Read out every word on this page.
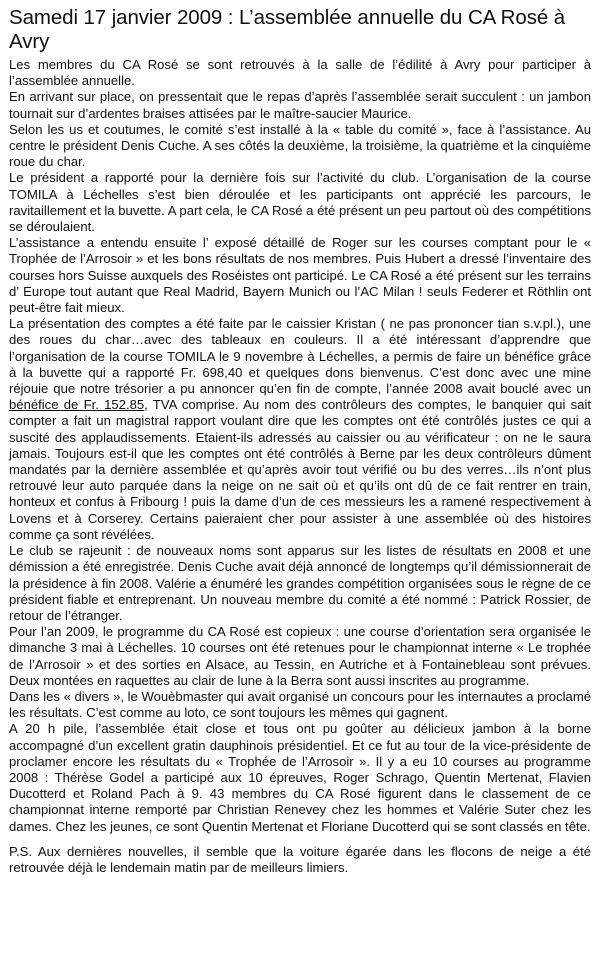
Samedi 17 janvier 2009 : L’assemblée annuelle du CA Rosé à Avry

Les membres du CA Rosé se sont retrouvés à la salle de l’édilité à Avry pour participer à l’assemblée annuelle.

En arrivant sur place, on pressentait que le repas d’après l’assemblée serait succulent : un jambon tournait sur d’ardentes braises attisées par le maître-saucier Maurice.

Selon les us et coutumes, le comité s’est installé à la « table du comité », face à l’assistance. Au centre le président Denis Cuche. A ses côtés la deuxième, la troisième, la quatrième et la cinquième roue du char.

Le président a rapporté pour la dernière fois sur l’activité du club. L’organisation de la course TOMILA à Léchelles s’est bien déroulée et les participants ont apprécié les parcours, le ravitaillement et la buvette. A part cela, le CA Rosé a été présent un peu partout où des compétitions se déroulaient.

L’assistance a entendu ensuite l’ exposé détaillé de Roger sur les courses comptant pour le « Trophée de l’Arrosoir » et les bons résultats de nos membres. Puis Hubert a dressé l’inventaire des courses hors Suisse auxquels des Roséistes ont participé. Le CA Rosé a été présent sur les terrains d’ Europe tout autant que Real Madrid, Bayern Munich ou l’AC Milan ! seuls Federer et Röthlin ont peut-être fait mieux.

La présentation des comptes a été faite par le caissier Kristan ( ne pas prononcer tian s.v.pl.), une des roues du char…avec des tableaux en couleurs. Il a été intéressant d’apprendre que l’organisation de la course TOMILA le 9 novembre à Léchelles, a permis de faire un bénéfice grâce à la buvette qui a rapporté Fr. 698,40 et quelques dons bienvenus. C’est donc avec une mine réjouie que notre trésorier a pu annoncer qu’en fin de compte, l’année 2008 avait bouclé avec un bénéfice de Fr. 152.85, TVA comprise. Au nom des contrôleurs des comptes, le banquier qui sait compter a fait un magistral rapport voulant dire que les comptes ont été contrôlés justes ce qui a suscité des applaudissements. Etaient-ils adressés au caissier ou au vérificateur : on ne le saura jamais. Toujours est-il que les comptes ont été contrôlés à Berne par les deux contrôleurs dûment mandatés par la dernière assemblée et qu’après avoir tout vérifié ou bu des verres…ils n’ont plus retrouvé leur auto parquée dans la neige on ne sait où et qu’ils ont dû de ce fait rentrer en train, honteux et confus à Fribourg ! puis la dame d’un de ces messieurs les a ramené respectivement à Lovens et à Corserey. Certains paieraient cher pour assister à une assemblée où des histoires comme ça sont révélées.

Le club se rajeunit : de nouveaux noms sont apparus sur les listes de résultats en 2008 et une démission a été enregistrée. Denis Cuche avait déjà annoncé de longtemps qu’il démissionnerait de la présidence à fin 2008. Valérie a énuméré les grandes compétition organisées sous le règne de ce président fiable et entreprenant. Un nouveau membre du comité a été nommé : Patrick Rossier, de retour de l’étranger.

Pour l’an 2009, le programme du CA Rosé est copieux : une course d’orientation sera organisée le dimanche 3 mai à Léchelles. 10 courses ont été retenues pour le championnat interne « Le trophée de l’Arrosoir » et des sorties en Alsace, au Tessin, en Autriche et à Fontainebleau sont prévues. Deux montées en raquettes au clair de lune à la Berra sont aussi inscrites au programme.

Dans les « divers », le Wouèbmaster qui avait organisé un concours pour les internautes a proclamé les résultats. C’est comme au loto, ce sont toujours les mêmes qui gagnent.

A 20 h pile, l’assemblée était close et tous ont pu goûter au délicieux jambon à la borne accompagné d’un excellent gratin dauphinois présidentiel. Et ce fut au tour de la vice-présidente de proclamer encore les résultats du « Trophée de l’Arrosoir ». Il y a eu 10 courses au programme 2008 : Thérèse Godel a participé aux 10 épreuves, Roger Schrago, Quentin Mertenat, Flavien Ducotterd et Roland Pach à 9. 43 membres du CA Rosé figurent dans le classement de ce championnat interne remporté par Christian Renevey chez les hommes et Valérie Suter chez les dames. Chez les jeunes, ce sont Quentin Mertenat et Floriane Ducotterd qui se sont classés en tête.

P.S. Aux dernières nouvelles, il semble que la voiture égarée dans les flocons de neige a été retrouvée déjà le lendemain matin par de meilleurs limiers.
